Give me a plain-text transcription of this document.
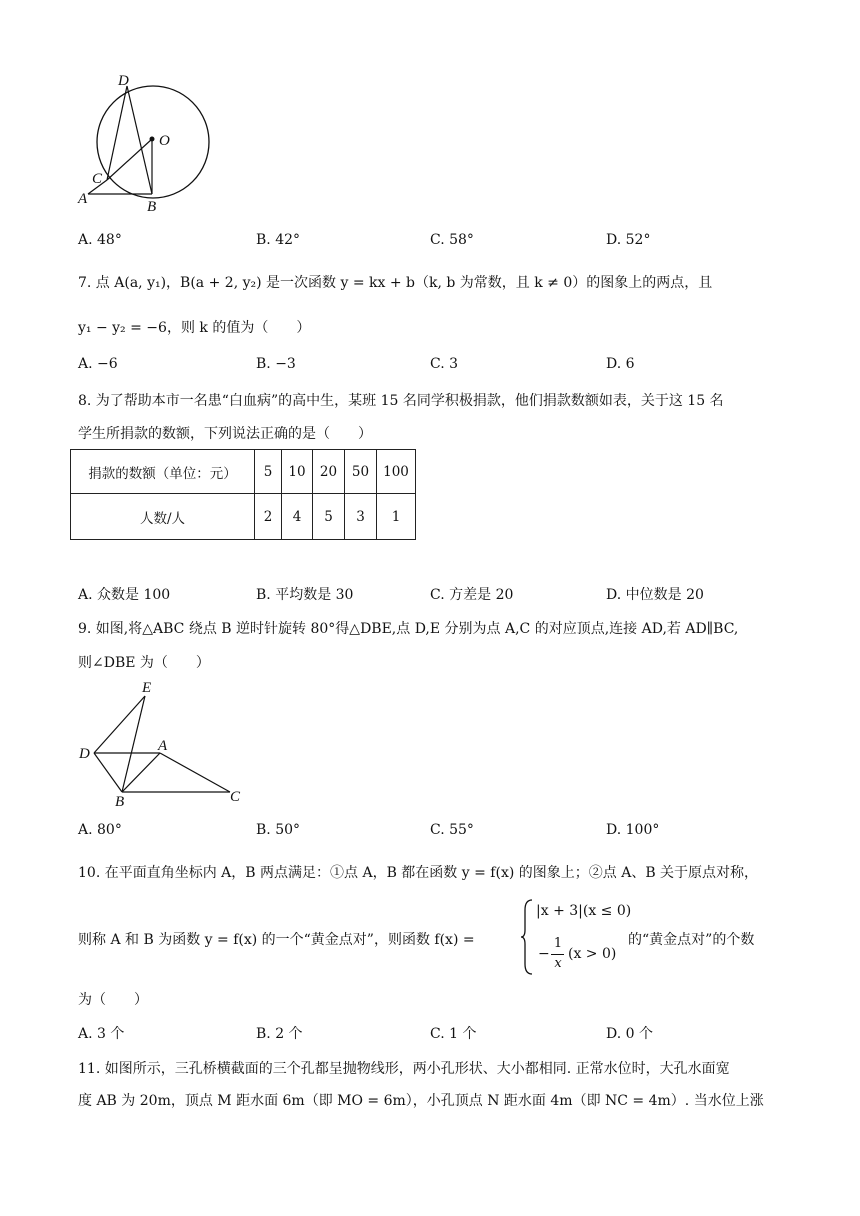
D
O
C
A	B
A. 48°	B. 42°	C. 58°	D. 52°
7. 点 A(a, y₁)，B(a + 2, y₂) 是一次函数 y = kx + b（k, b 为常数，且 k ≠ 0）的图象上的两点，且
y₁ − y₂ = −6，则 k 的值为（　　）
A. −6	B. −3	C. 3	D. 6
8. 为了帮助本市一名患“白血病”的高中生，某班 15 名同学积极捐款，他们捐款数额如表，关于这 15 名
学生所捐款的数额，下列说法正确的是（　　）
捐款的数额（单位：元）	5	10	20	50	100
人数/人	2	4	5	3	1
A. 众数是 100	B. 平均数是 30	C. 方差是 20	D. 中位数是 20
9. 如图,将△ABC 绕点 B 逆时针旋转 80°得△DBE,点 D,E 分别为点 A,C 的对应顶点,连接 AD,若 AD∥BC,
则∠DBE 为（　　）
E
D	A
B	C
A. 80°	B. 50°	C. 55°	D. 100°
10. 在平面直角坐标内 A，B 两点满足：①点 A，B 都在函数 y = f(x) 的图象上；②点 A、B 关于原点对称，
则称 A 和 B 为函数 y = f(x) 的一个“黄金点对”，则函数 f(x) =
|x + 3|(x ≤ 0)
−
1
x
(x > 0)
的“黄金点对”的个数
为（　　）
A. 3 个	B. 2 个	C. 1 个	D. 0 个
11. 如图所示，三孔桥横截面的三个孔都呈抛物线形，两小孔形状、大小都相同. 正常水位时，大孔水面宽
度 AB 为 20m，顶点 M 距水面 6m（即 MO = 6m），小孔顶点 N 距水面 4m（即 NC = 4m）. 当水位上涨
